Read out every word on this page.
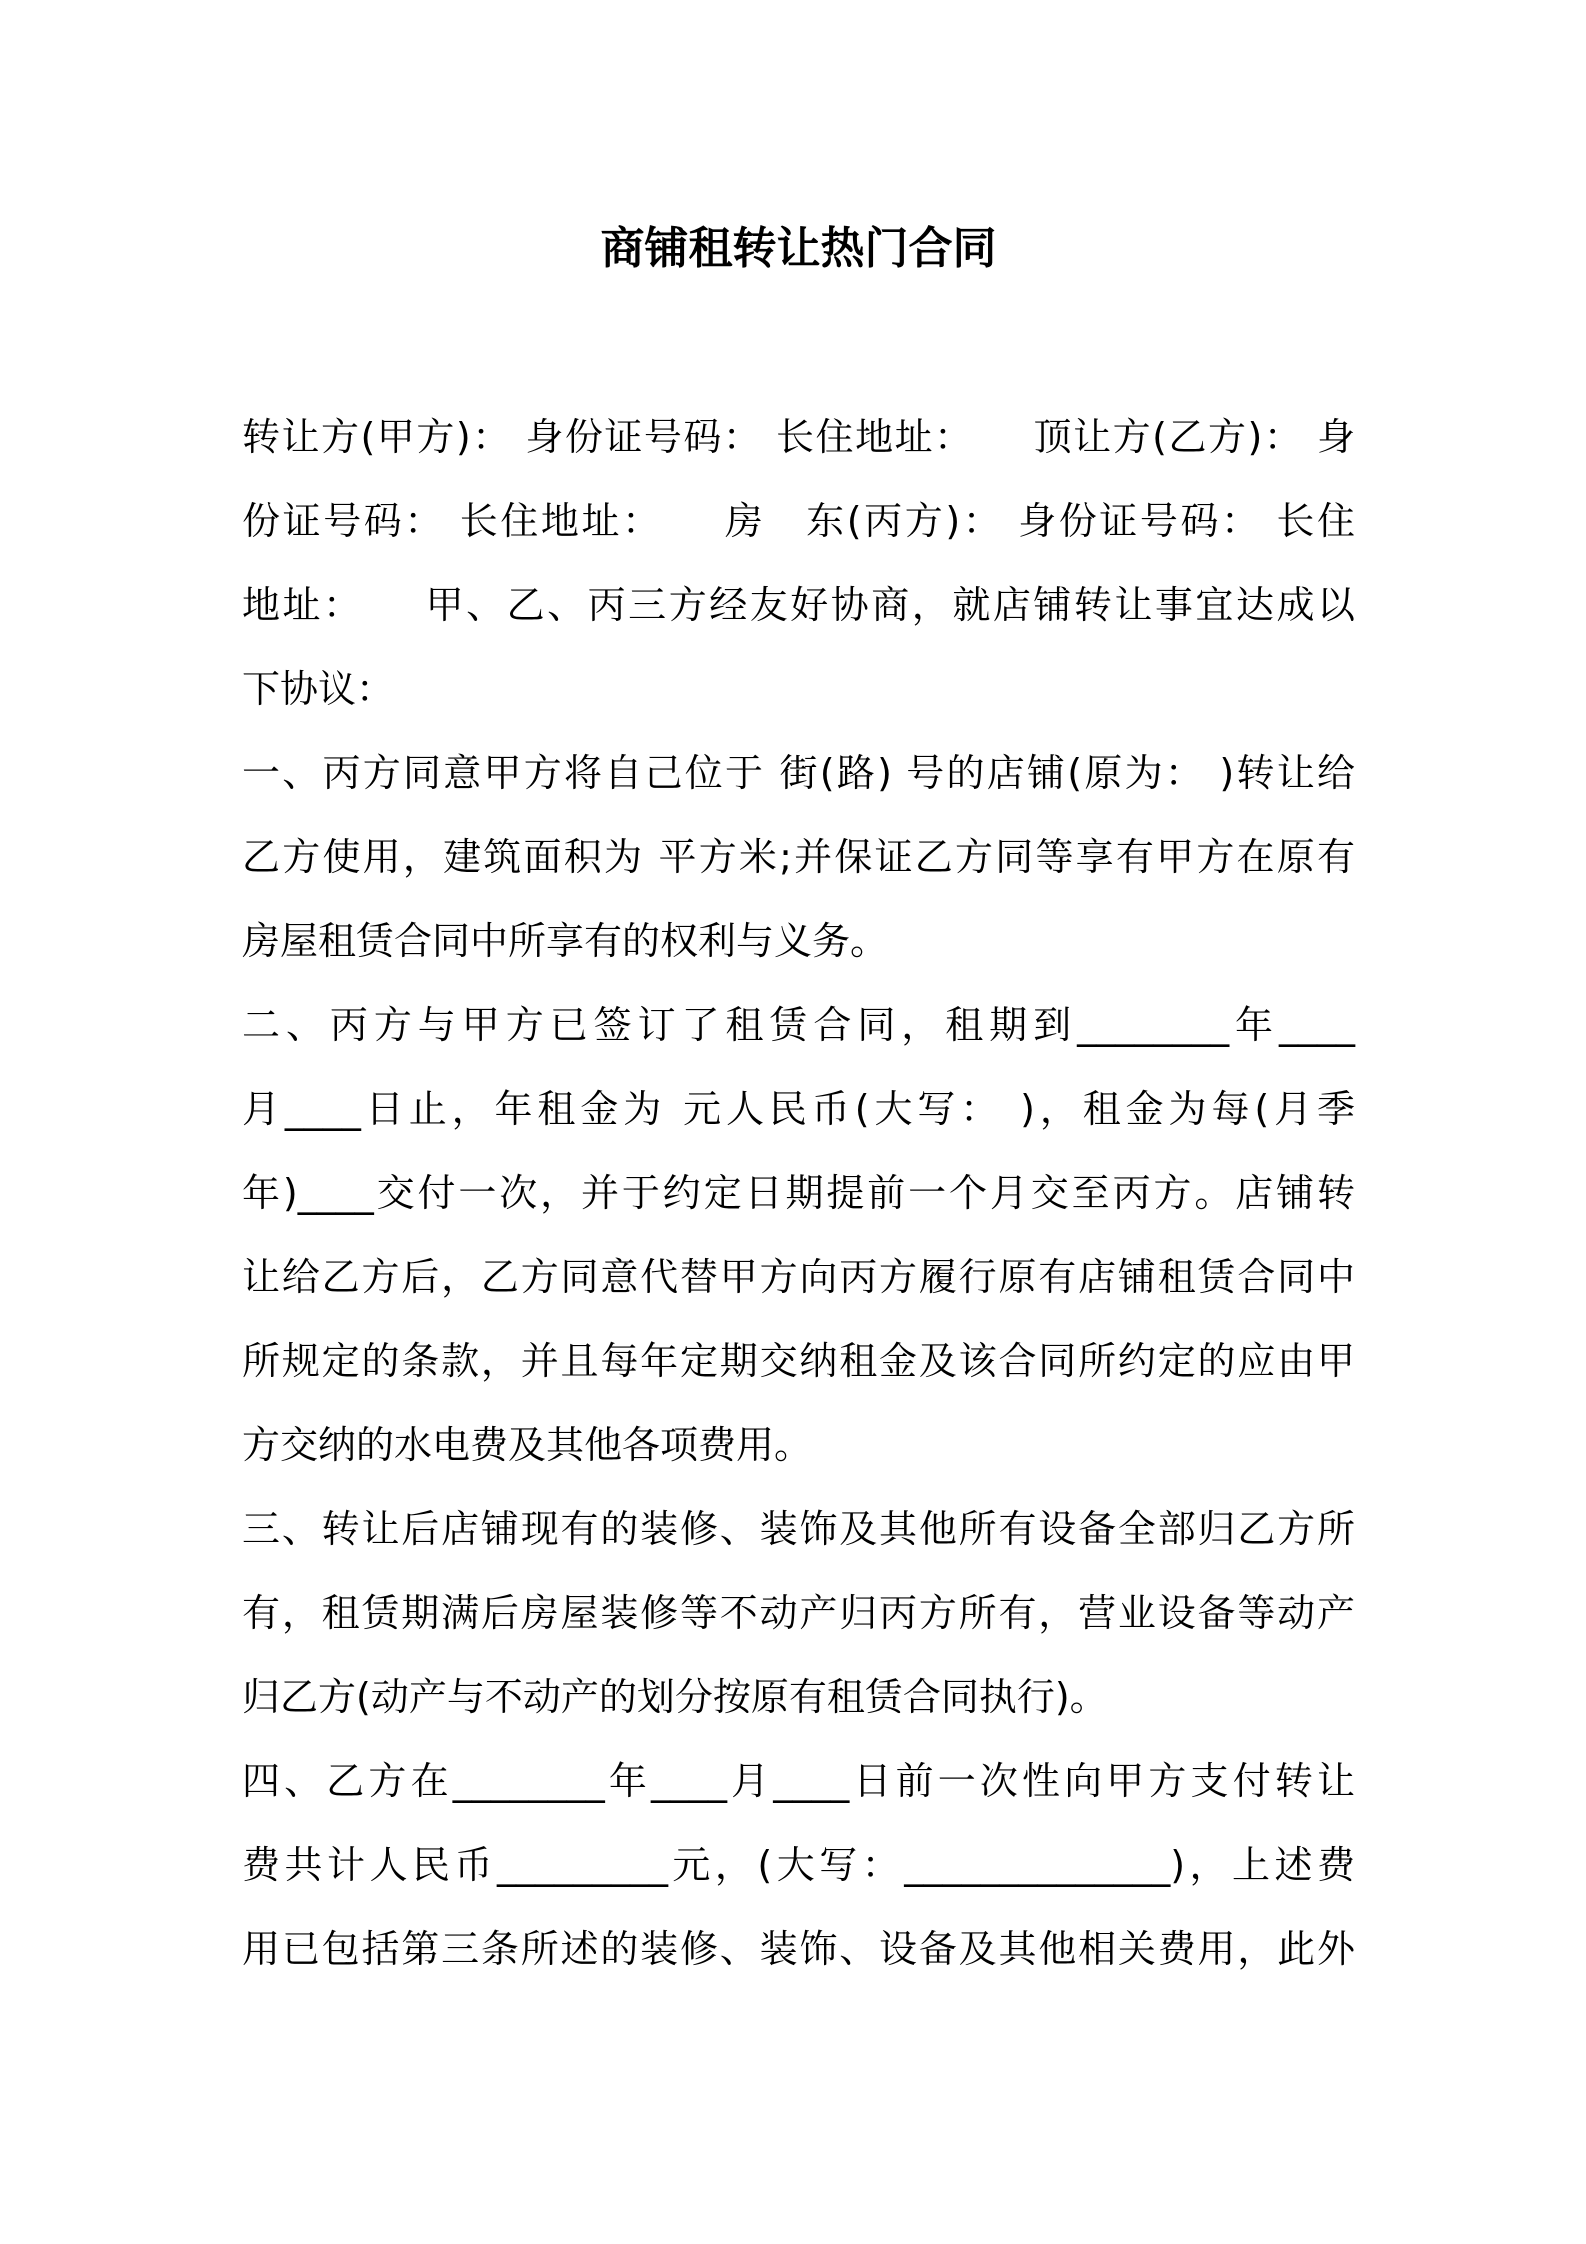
商铺租转让热门合同
转让方(甲方)： 身份证号码： 长住地址：　　顶让方(乙方)： 身
份证号码： 长住地址：　　房　东(丙方)： 身份证号码： 长住
地址：　　甲、乙、丙三方经友好协商，就店铺转让事宜达成以
下协议：
一、丙方同意甲方将自己位于 街(路) 号的店铺(原为： )转让给
乙方使用，建筑面积为 平方米;并保证乙方同等享有甲方在原有
房屋租赁合同中所享有的权利与义务。
二、丙方与甲方已签订了租赁合同，租期到________年____
月____日止，年租金为 元人民币(大写： )，租金为每(月季
年)____交付一次，并于约定日期提前一个月交至丙方。店铺转
让给乙方后，乙方同意代替甲方向丙方履行原有店铺租赁合同中
所规定的条款，并且每年定期交纳租金及该合同所约定的应由甲
方交纳的水电费及其他各项费用。
三、转让后店铺现有的装修、装饰及其他所有设备全部归乙方所
有，租赁期满后房屋装修等不动产归丙方所有，营业设备等动产
归乙方(动产与不动产的划分按原有租赁合同执行)。
四、乙方在________年____月____日前一次性向甲方支付转让
费共计人民币_________元，(大写：______________)，上述费
用已包括第三条所述的装修、装饰、设备及其他相关费用，此外
